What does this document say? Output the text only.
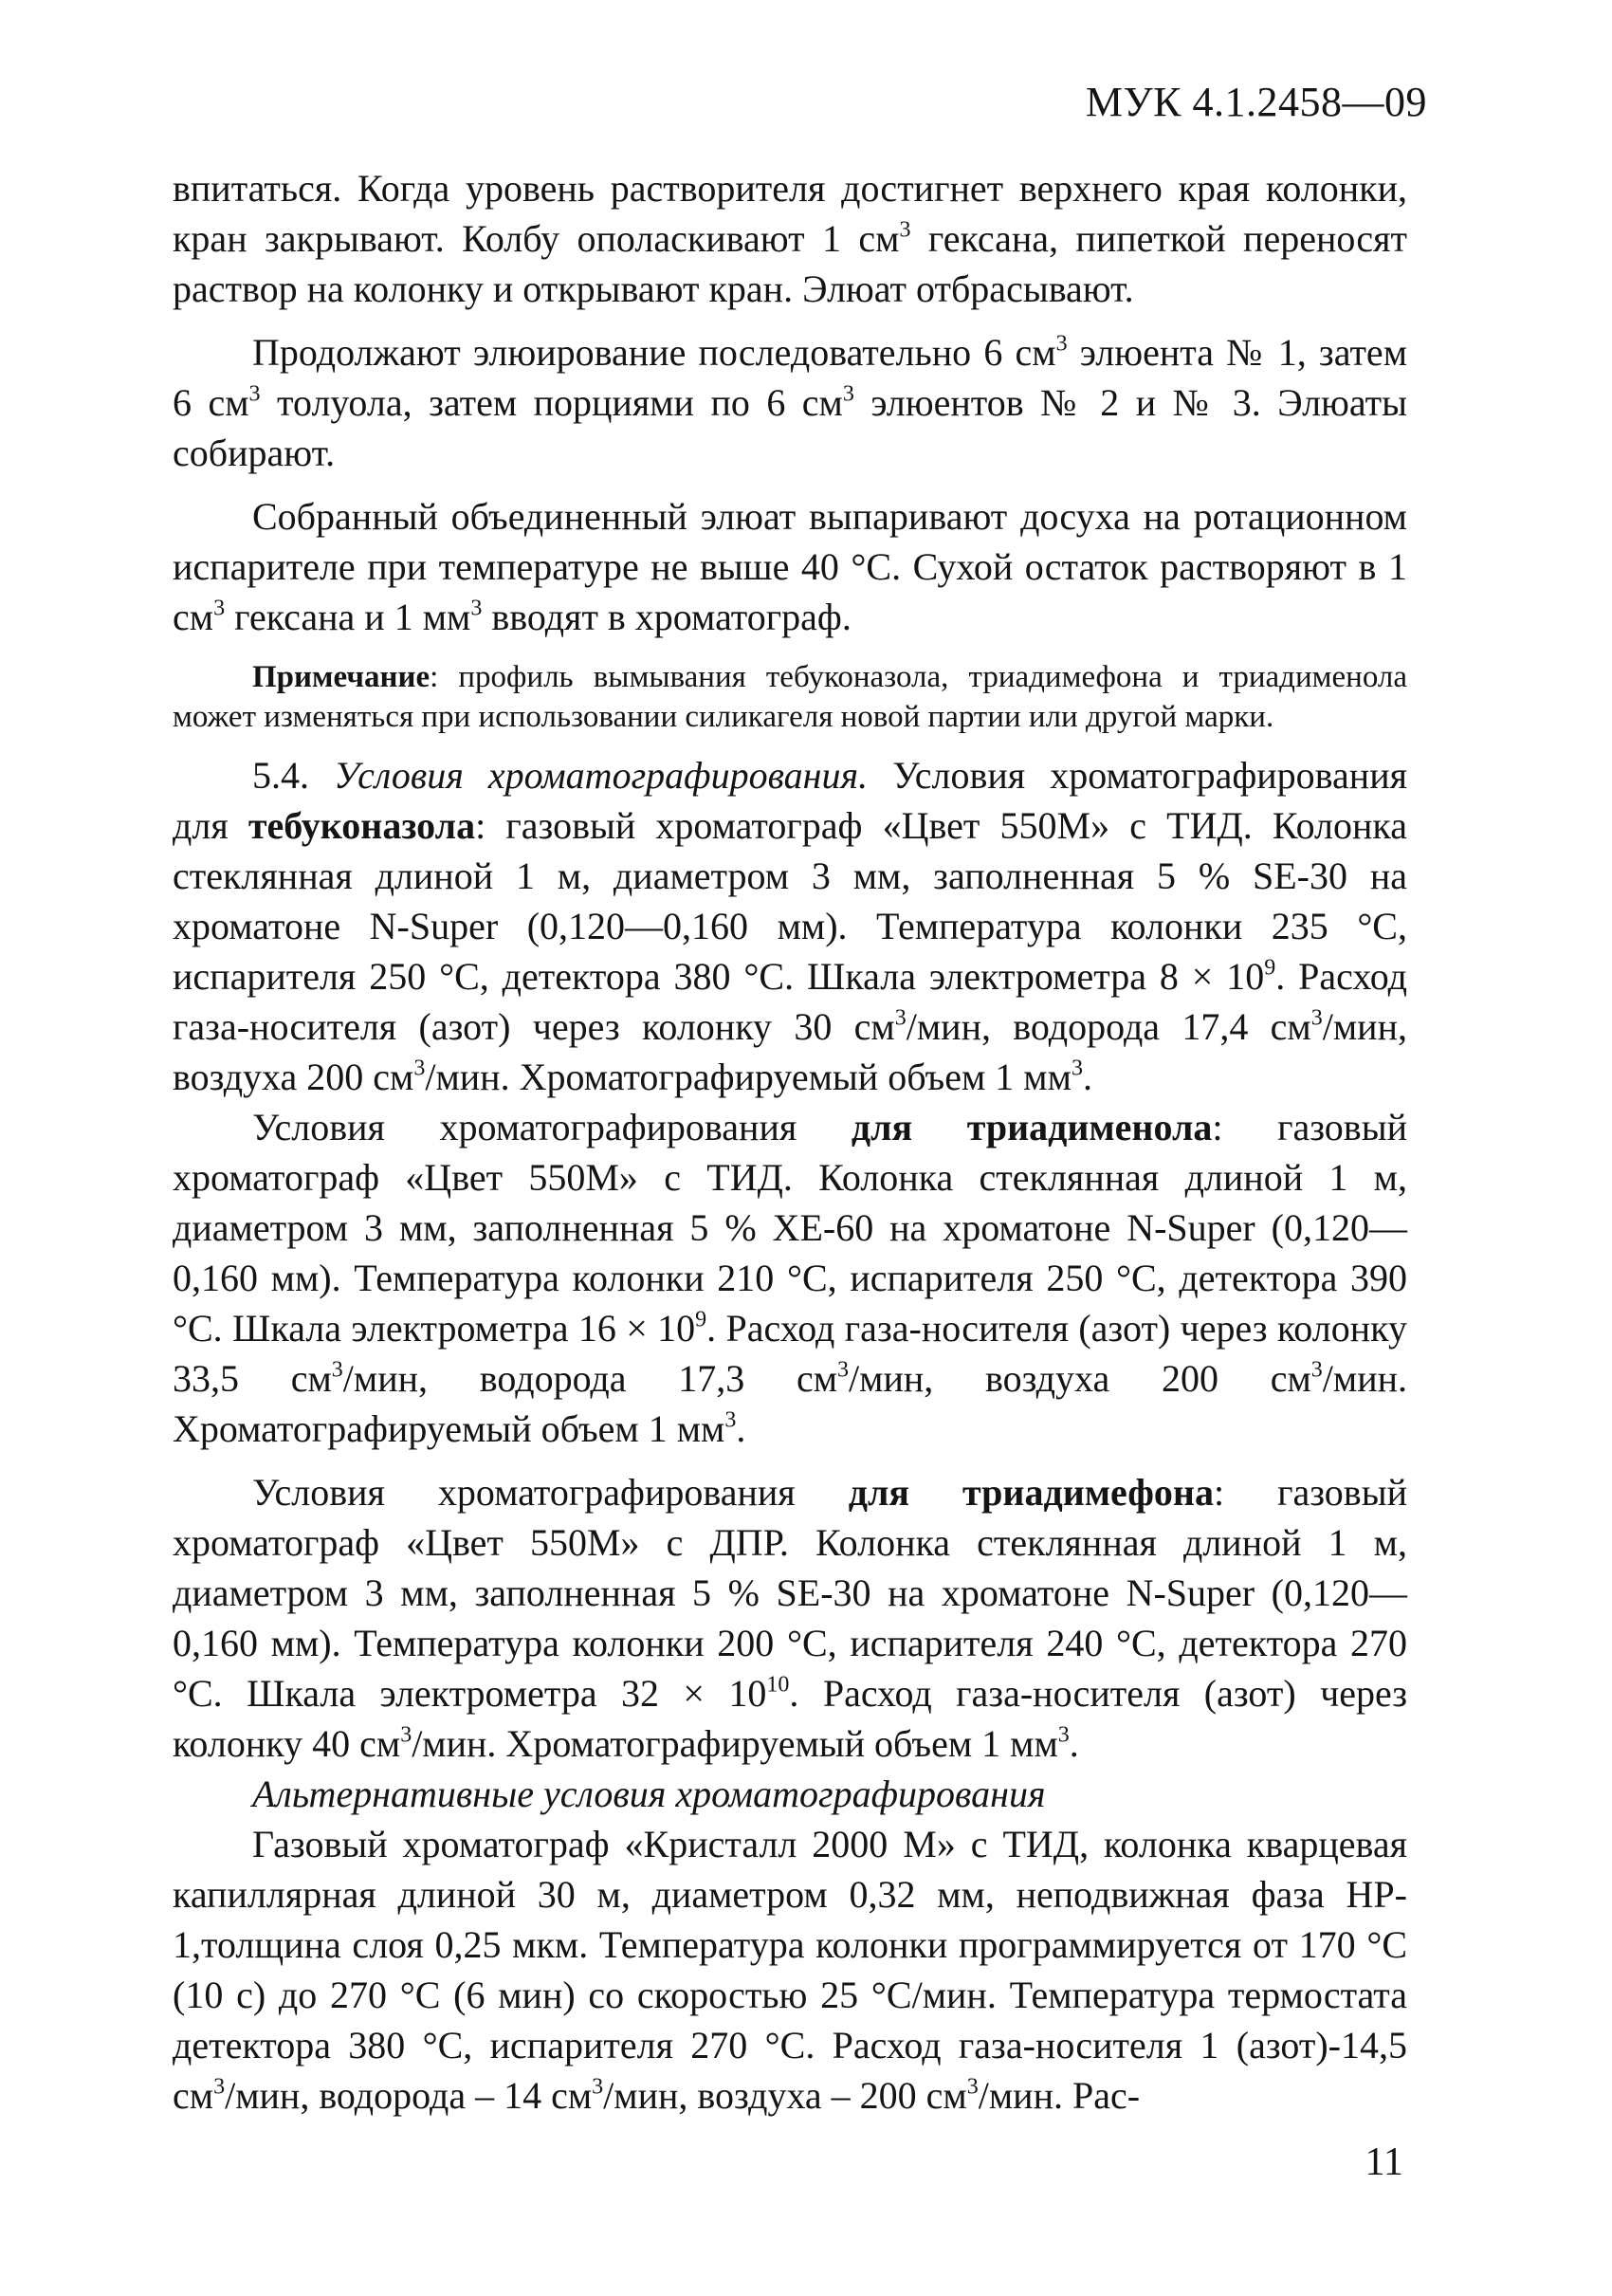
МУК 4.1.2458—09

впитаться. Когда уровень растворителя достигнет верхнего края колонки, кран закрывают. Колбу ополаскивают 1 $см^3$ гексана, пипеткой переносят раствор на колонку и открывают кран. Элюат отбрасывают.

Продолжают элюирование последовательно 6 $см^3$ элюента № 1, затем 6 $см^3$ толуола, затем порциями по 6 $см^3$ элюентов № 2 и № 3. Элюаты собирают.

Собранный объединенный элюат выпаривают досуха на ротационном испарителе при температуре не выше 40 °С. Сухой остаток растворяют в 1 $см^3$ гексана и 1 $мм^3$ вводят в хроматограф.

Примечание: профиль вымывания тебуконазола, триадимефона и триадименола может изменяться при использовании силикагеля новой партии или другой марки.

5.4. Условия хроматографирования. Условия хроматографирования для тебуконазола: газовый хроматограф «Цвет 550М» с ТИД. Колонка стеклянная длиной 1 м, диаметром 3 мм, заполненная 5 % SE-30 на хроматоне N-Super (0,120—0,160 мм). Температура колонки 235 °С, испарителя 250 °С, детектора 380 °С. Шкала электрометра $8 \times 10^9$. Расход газа-носителя (азот) через колонку 30 $см^3$/мин, водорода 17,4 $см^3$/мин, воздуха 200 $см^3$/мин. Хроматографируемый объем 1 $мм^3$.

Условия хроматографирования для триадименола: газовый хроматограф «Цвет 550М» с ТИД. Колонка стеклянная длиной 1 м, диаметром 3 мм, заполненная 5 % XE-60 на хроматоне N-Super (0,120—0,160 мм). Температура колонки 210 °С, испарителя 250 °С, детектора 390 °С. Шкала электрометра $16 \times 10^9$. Расход газа-носителя (азот) через колонку 33,5 $см^3$/мин, водорода 17,3 $см^3$/мин, воздуха 200 $см^3$/мин. Хроматографируемый объем 1 $мм^3$.

Условия хроматографирования для триадимефона: газовый хроматограф «Цвет 550М» с ДПР. Колонка стеклянная длиной 1 м, диаметром 3 мм, заполненная 5 % SE-30 на хроматоне N-Super (0,120—0,160 мм). Температура колонки 200 °С, испарителя 240 °С, детектора 270 °С. Шкала электрометра $32 \times 10^{10}$. Расход газа-носителя (азот) через колонку 40 $см^3$/мин. Хроматографируемый объем 1 $мм^3$.

Альтернативные условия хроматографирования

Газовый хроматограф «Кристалл 2000 М» с ТИД, колонка кварцевая капиллярная длиной 30 м, диаметром 0,32 мм, неподвижная фаза HP-1,толщина слоя 0,25 мкм. Температура колонки программируется от 170 °С (10 с) до 270 °С (6 мин) со скоростью 25 °С/мин. Температура термостата детектора 380 °С, испарителя 270 °С. Расход газа-носителя 1 (азот)-14,5 $см^3$/мин, водорода – 14 $см^3$/мин, воздуха – 200 $см^3$/мин. Рас-

11
